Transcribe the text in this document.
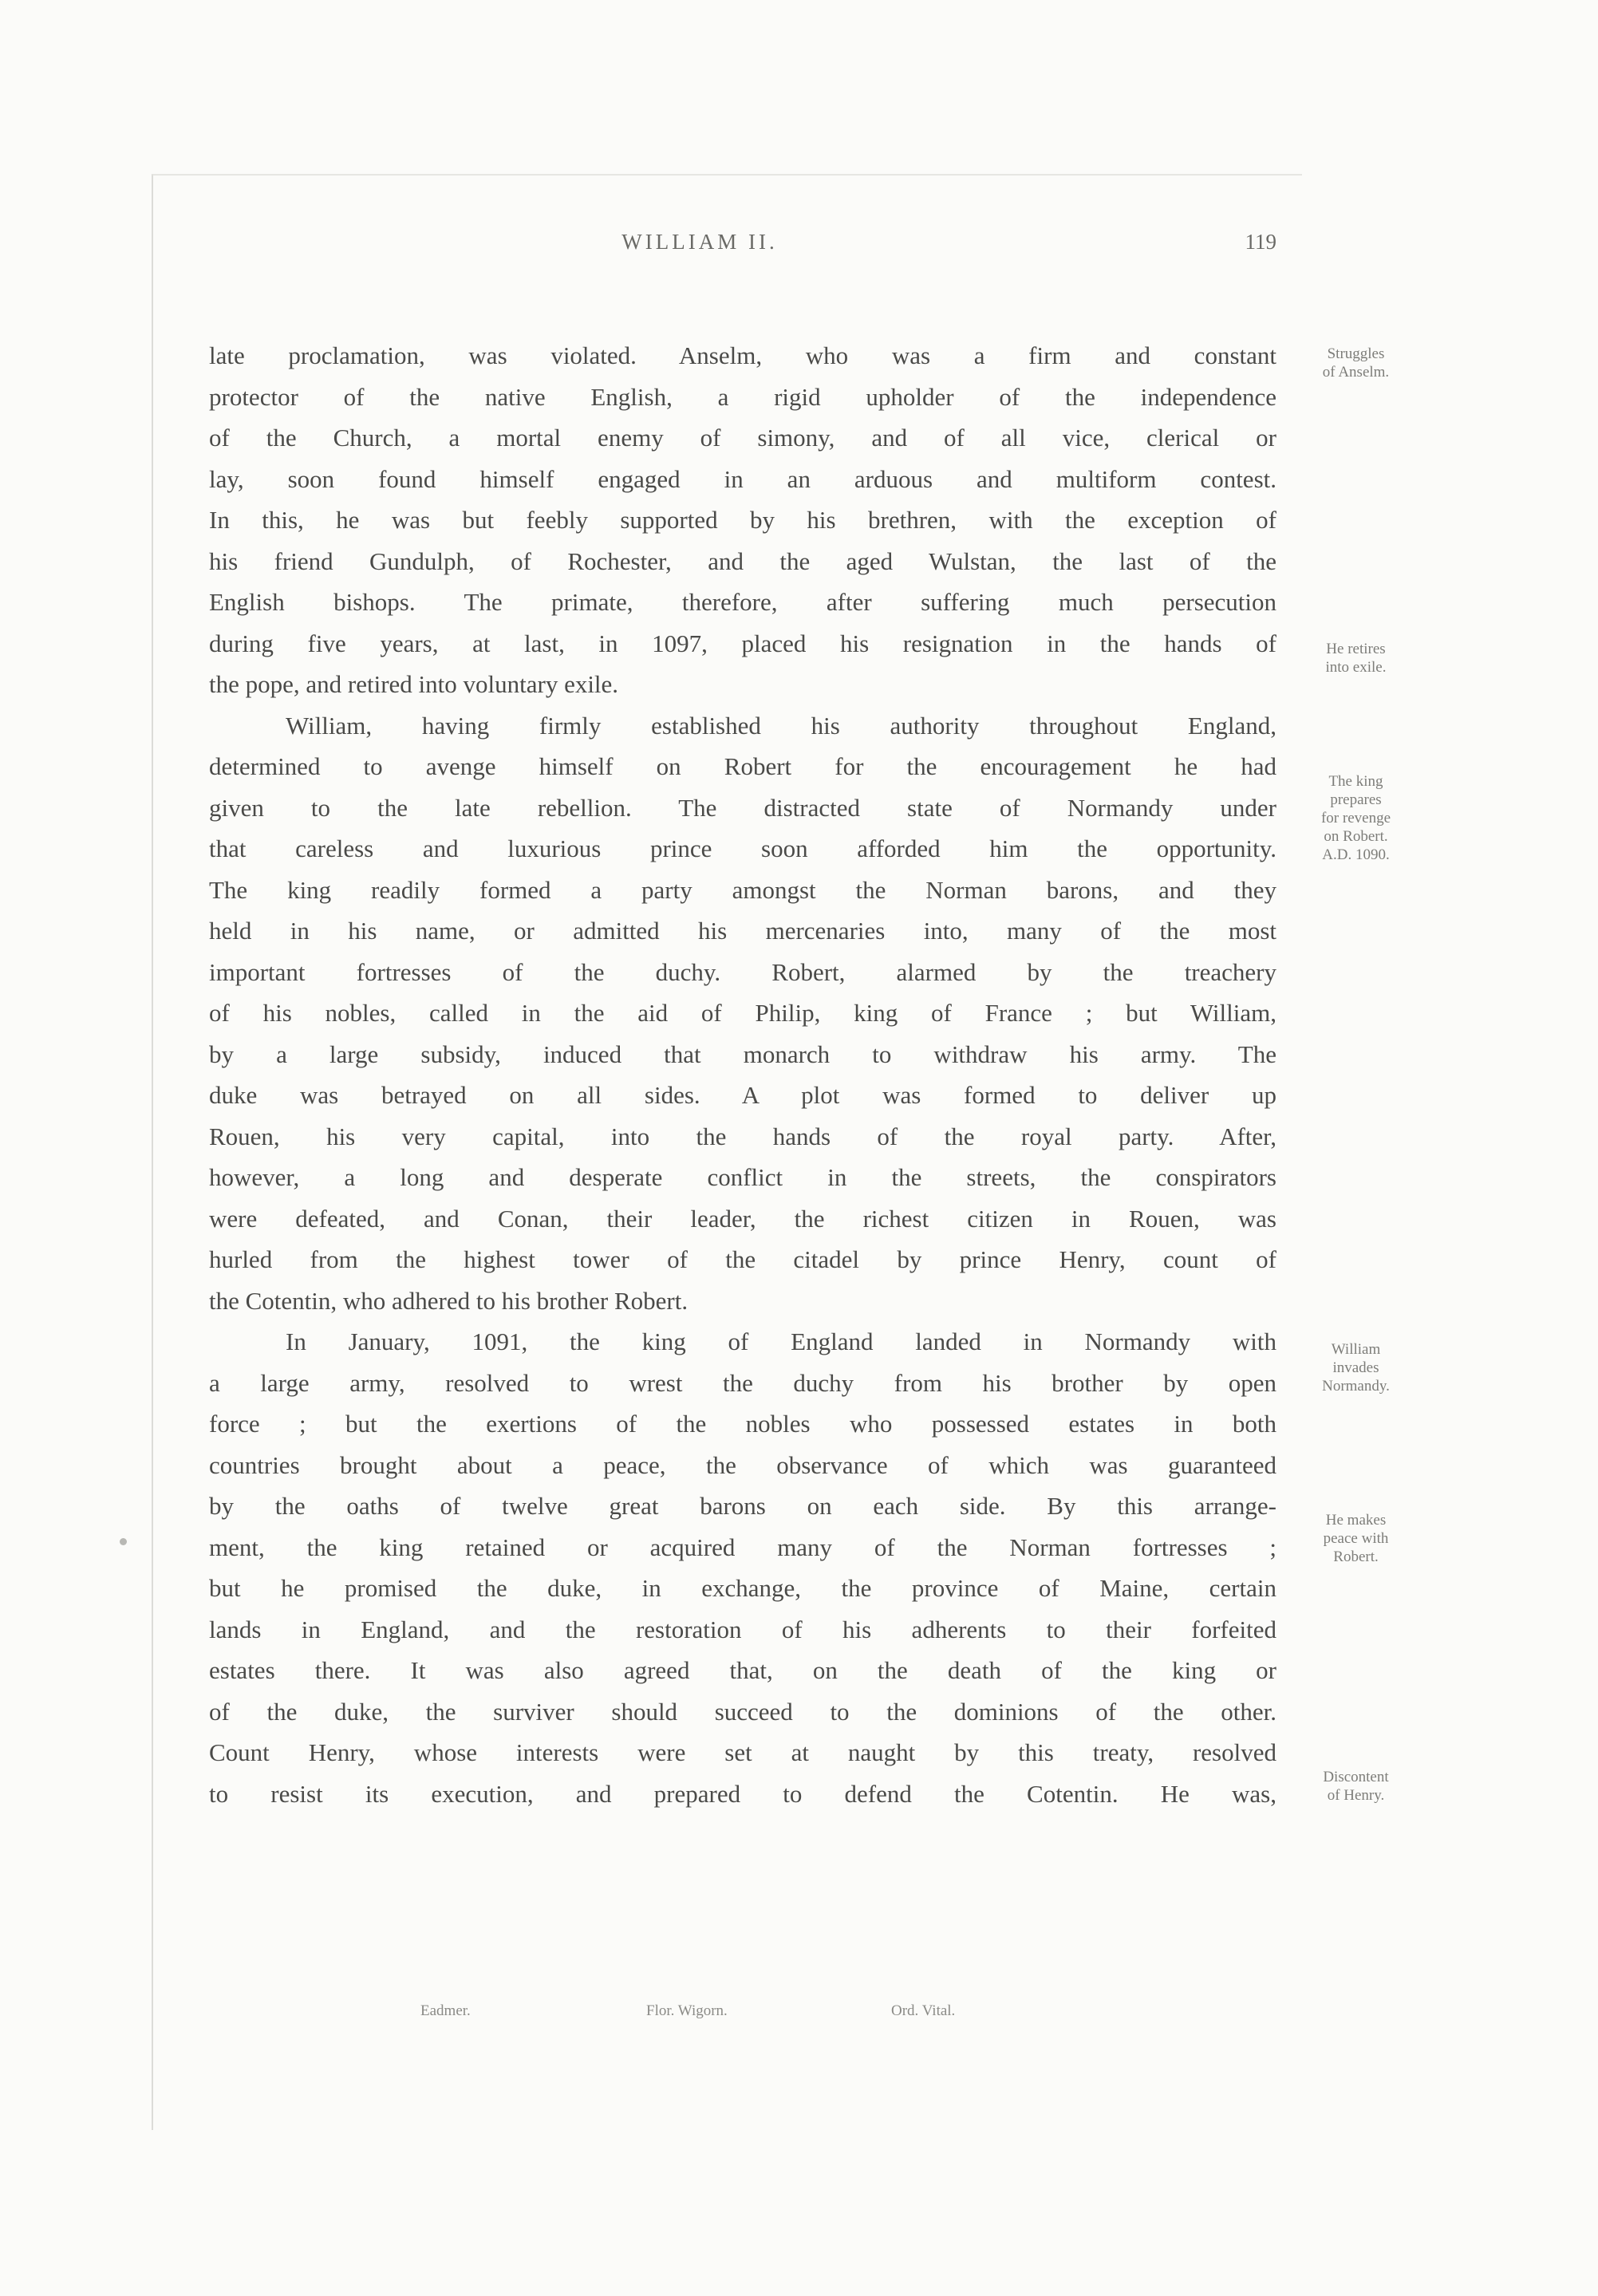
WILLIAM II.	119
late proclamation, was violated. Anselm, who was a firm and constant
protector of the native English, a rigid upholder of the independence
of the Church, a mortal enemy of simony, and of all vice, clerical or
lay, soon found himself engaged in an arduous and multiform contest.
In this, he was but feebly supported by his brethren, with the exception of
his friend Gundulph, of Rochester, and the aged Wulstan, the last of the
English bishops. The primate, therefore, after suffering much persecution
during five years, at last, in 1097, placed his resignation in the hands of
the pope, and retired into voluntary exile.
William, having firmly established his authority throughout England,
determined to avenge himself on Robert for the encouragement he had
given to the late rebellion. The distracted state of Normandy under
that careless and luxurious prince soon afforded him the opportunity.
The king readily formed a party amongst the Norman barons, and they
held in his name, or admitted his mercenaries into, many of the most
important fortresses of the duchy. Robert, alarmed by the treachery
of his nobles, called in the aid of Philip, king of France ; but William,
by a large subsidy, induced that monarch to withdraw his army. The
duke was betrayed on all sides. A plot was formed to deliver up
Rouen, his very capital, into the hands of the royal party. After,
however, a long and desperate conflict in the streets, the conspirators
were defeated, and Conan, their leader, the richest citizen in Rouen, was
hurled from the highest tower of the citadel by prince Henry, count of
the Cotentin, who adhered to his brother Robert.
In January, 1091, the king of England landed in Normandy with
a large army, resolved to wrest the duchy from his brother by open
force ; but the exertions of the nobles who possessed estates in both
countries brought about a peace, the observance of which was guaranteed
by the oaths of twelve great barons on each side. By this arrange-
ment, the king retained or acquired many of the Norman fortresses ;
but he promised the duke, in exchange, the province of Maine, certain
lands in England, and the restoration of his adherents to their forfeited
estates there. It was also agreed that, on the death of the king or
of the duke, the surviver should succeed to the dominions of the other.
Count Henry, whose interests were set at naught by this treaty, resolved
to resist its execution, and prepared to defend the Cotentin. He was,
Struggles
of Anselm.
He retires
into exile.
The king
prepares
for revenge
on Robert.
A.D. 1090.
William
invades
Normandy.
He makes
peace with
Robert.
Discontent
of Henry.
Eadmer.	Flor. Wigorn.	Ord. Vital.
